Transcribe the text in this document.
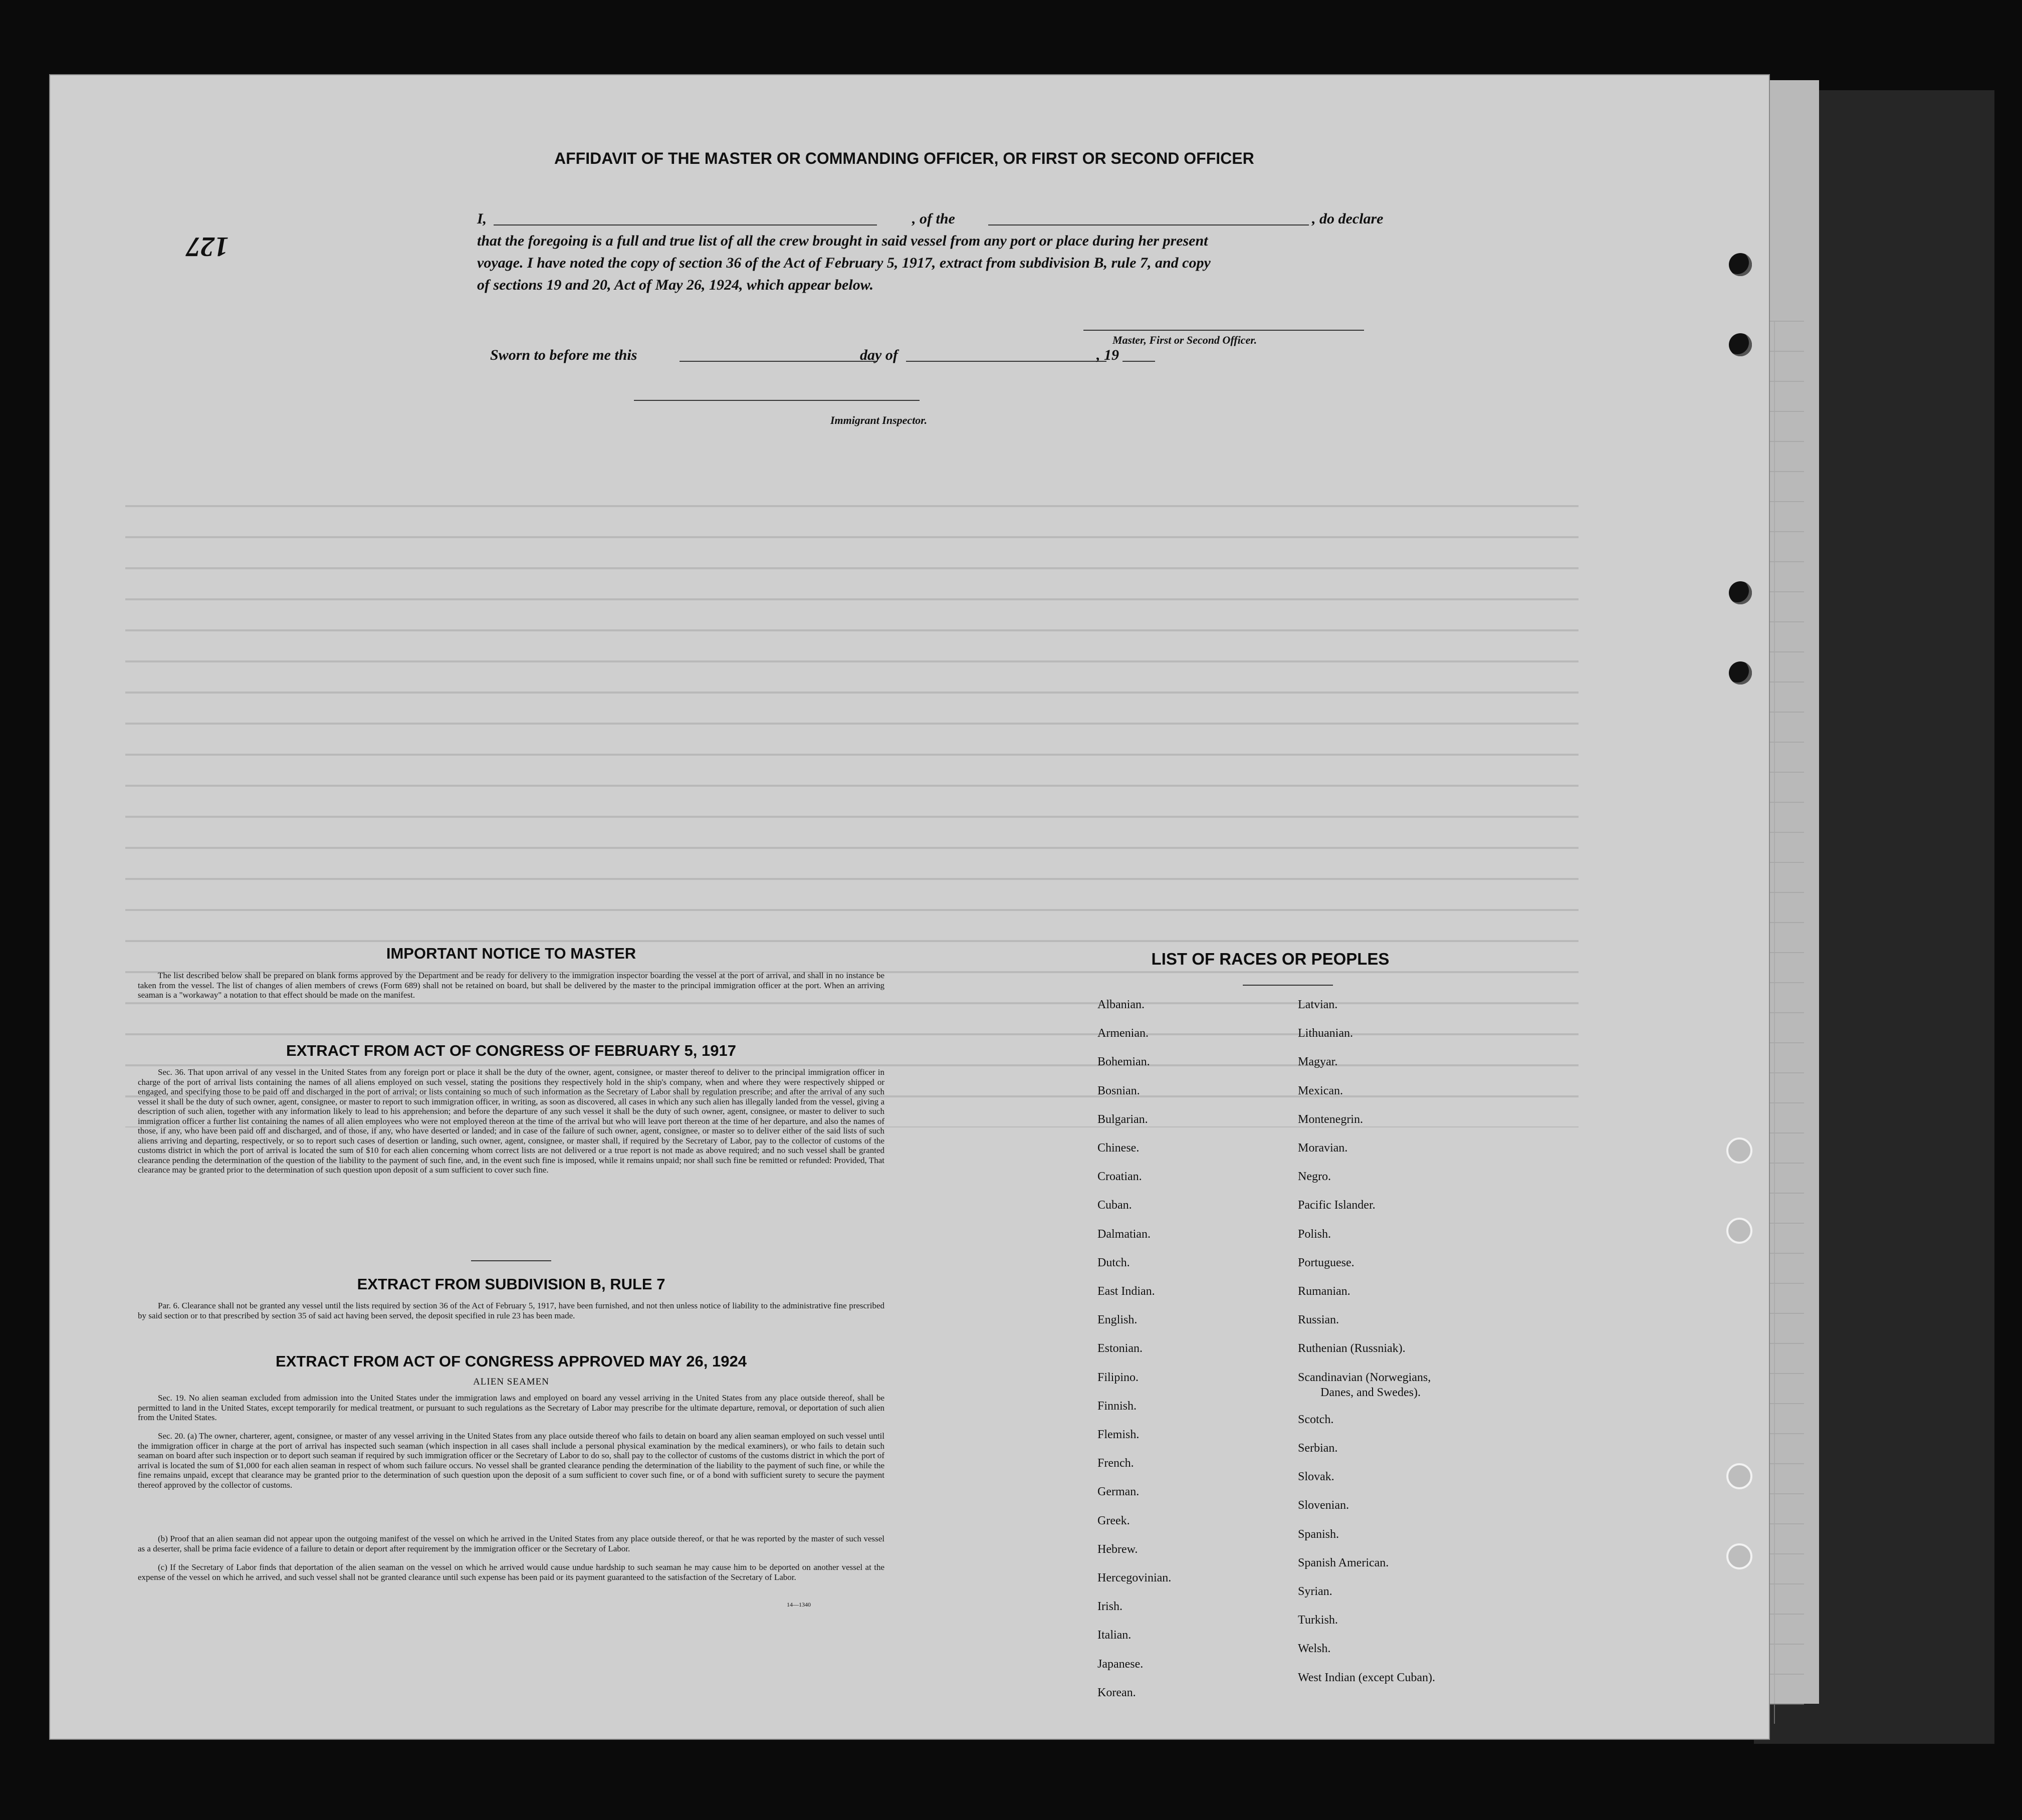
127
AFFIDAVIT OF THE MASTER OR COMMANDING OFFICER, OR FIRST OR SECOND OFFICER
I,	, of the	, do declare
that the foregoing is a full and true list of all the crew brought in said vessel from any port or place during her present
voyage. I have noted the copy of section 36 of the Act of February 5, 1917, extract from subdivision B, rule 7, and copy
of sections 19 and 20, Act of May 26, 1924, which appear below.
Master, First or Second Officer.
Sworn to before me this	day of	, 19
Immigrant Inspector.
IMPORTANT NOTICE TO MASTER
The list described below shall be prepared on blank forms approved by the Department and be ready for delivery to the immigration inspector boarding the vessel at the port of arrival, and shall in no instance be taken from the vessel. The list of changes of alien members of crews (Form 689) shall not be retained on board, but shall be delivered by the master to the principal immigration officer at the port. When an arriving seaman is a "workaway" a notation to that effect should be made on the manifest.
EXTRACT FROM ACT OF CONGRESS OF FEBRUARY 5, 1917
Sec. 36. That upon arrival of any vessel in the United States from any foreign port or place it shall be the duty of the owner, agent, consignee, or master thereof to deliver to the principal immigration officer in charge of the port of arrival lists containing the names of all aliens employed on such vessel, stating the positions they respectively hold in the ship's company, when and where they were respectively shipped or engaged, and specifying those to be paid off and discharged in the port of arrival; or lists containing so much of such information as the Secretary of Labor shall by regulation prescribe; and after the arrival of any such vessel it shall be the duty of such owner, agent, consignee, or master to report to such immigration officer, in writing, as soon as discovered, all cases in which any such alien has illegally landed from the vessel, giving a description of such alien, together with any information likely to lead to his apprehension; and before the departure of any such vessel it shall be the duty of such owner, agent, consignee, or master to deliver to such immigration officer a further list containing the names of all alien employees who were not employed thereon at the time of the arrival but who will leave port thereon at the time of her departure, and also the names of those, if any, who have been paid off and discharged, and of those, if any, who have deserted or landed; and in case of the failure of such owner, agent, consignee, or master so to deliver either of the said lists of such aliens arriving and departing, respectively, or so to report such cases of desertion or landing, such owner, agent, consignee, or master shall, if required by the Secretary of Labor, pay to the collector of customs of the customs district in which the port of arrival is located the sum of $10 for each alien concerning whom correct lists are not delivered or a true report is not made as above required; and no such vessel shall be granted clearance pending the determination of the question of the liability to the payment of such fine, and, in the event such fine is imposed, while it remains unpaid; nor shall such fine be remitted or refunded: Provided, That clearance may be granted prior to the determination of such question upon deposit of a sum sufficient to cover such fine.
EXTRACT FROM SUBDIVISION B, RULE 7
Par. 6. Clearance shall not be granted any vessel until the lists required by section 36 of the Act of February 5, 1917, have been furnished, and not then unless notice of liability to the administrative fine prescribed by said section or to that prescribed by section 35 of said act having been served, the deposit specified in rule 23 has been made.
EXTRACT FROM ACT OF CONGRESS APPROVED MAY 26, 1924
ALIEN SEAMEN
Sec. 19. No alien seaman excluded from admission into the United States under the immigration laws and employed on board any vessel arriving in the United States from any place outside thereof, shall be permitted to land in the United States, except temporarily for medical treatment, or pursuant to such regulations as the Secretary of Labor may prescribe for the ultimate departure, removal, or deportation of such alien from the United States.
Sec. 20. (a) The owner, charterer, agent, consignee, or master of any vessel arriving in the United States from any place outside thereof who fails to detain on board any alien seaman employed on such vessel until the immigration officer in charge at the port of arrival has inspected such seaman (which inspection in all cases shall include a personal physical examination by the medical examiners), or who fails to detain such seaman on board after such inspection or to deport such seaman if required by such immigration officer or the Secretary of Labor to do so, shall pay to the collector of customs of the customs district in which the port of arrival is located the sum of $1,000 for each alien seaman in respect of whom such failure occurs. No vessel shall be granted clearance pending the determination of the liability to the payment of such fine, or while the fine remains unpaid, except that clearance may be granted prior to the determination of such question upon the deposit of a sum sufficient to cover such fine, or of a bond with sufficient surety to secure the payment thereof approved by the collector of customs.
(b) Proof that an alien seaman did not appear upon the outgoing manifest of the vessel on which he arrived in the United States from any place outside thereof, or that he was reported by the master of such vessel as a deserter, shall be prima facie evidence of a failure to detain or deport after requirement by the immigration officer or the Secretary of Labor.
(c) If the Secretary of Labor finds that deportation of the alien seaman on the vessel on which he arrived would cause undue hardship to such seaman he may cause him to be deported on another vessel at the expense of the vessel on which he arrived, and such vessel shall not be granted clearance until such expense has been paid or its payment guaranteed to the satisfaction of the Secretary of Labor.
14—1340
LIST OF RACES OR PEOPLES
Albanian.
Armenian.
Bohemian.
Bosnian.
Bulgarian.
Chinese.
Croatian.
Cuban.
Dalmatian.
Dutch.
East Indian.
English.
Estonian.
Filipino.
Finnish.
Flemish.
French.
German.
Greek.
Hebrew.
Hercegovinian.
Irish.
Italian.
Japanese.
Korean.
Latvian.
Lithuanian.
Magyar.
Mexican.
Montenegrin.
Moravian.
Negro.
Pacific Islander.
Polish.
Portuguese.
Rumanian.
Russian.
Ruthenian (Russniak).
Scandinavian (Norwegians,
Danes, and Swedes).
Scotch.
Serbian.
Slovak.
Slovenian.
Spanish.
Spanish American.
Syrian.
Turkish.
Welsh.
West Indian (except Cuban).
